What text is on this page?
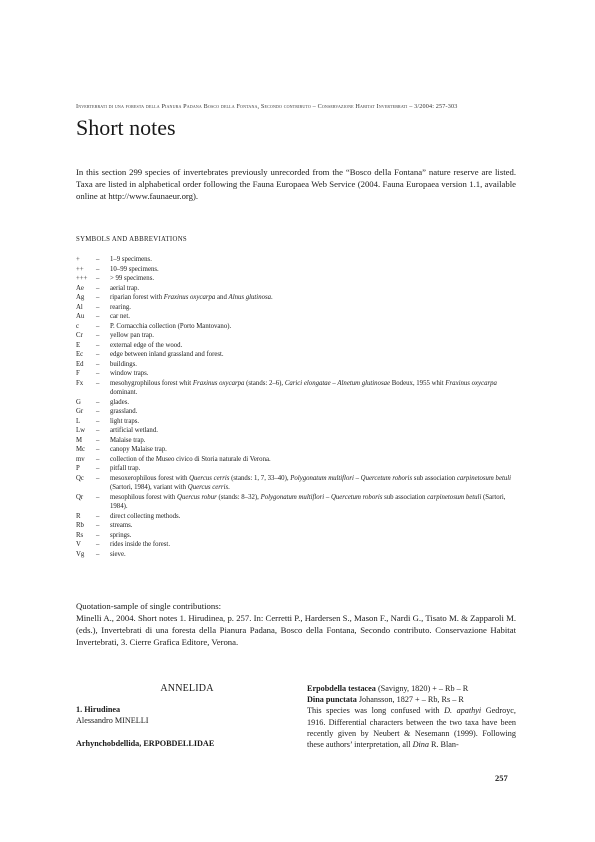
Invertebrati di una foresta della Pianura Padana Bosco della Fontana, Secondo contributo – Conservazione Habitat Invertebrati – 3/2004: 257-303
Short notes

In this section 299 species of invertebrates previously unrecorded from the “Bosco della Fontana” nature reserve are listed. Taxa are listed in alphabetical order following the Fauna Europaea Web Service (2004. Fauna Europaea version 1.1, available online at http://www.faunaeur.org).

SYMBOLS AND ABBREVIATIONS
+	–	1–9 specimens.
++	–	10–99 specimens.
+++	–	> 99 specimens.
Ae	–	aerial trap.
Ag	–	riparian forest with Fraxinus oxycarpa and Alnus glutinosa.
Al	–	rearing.
Au	–	car net.
c	–	P. Cornacchia collection (Porto Mantovano).
Cr	–	yellow pan trap.
E	–	external edge of the wood.
Ec	–	edge between inland grassland and forest.
Ed	–	buildings.
F	–	window traps.
Fx	–	mesohygrophilous forest whit Fraxinus oxycarpa (stands: 2–6), Carici elongatae – Alnetum glutinosae Bodeux, 1955 whit Fraxinus oxycarpa dominant.
G	–	glades.
Gr	–	grassland.
L	–	light traps.
Lw	–	artificial wetland.
M	–	Malaise trap.
Mc	–	canopy Malaise trap.
mv	–	collection of the Museo civico di Storia naturale di Verona.
P	–	pitfall trap.
Qc	–	mesoxerophilous forest with Quercus cerris (stands: 1, 7, 33–40), Polygonatum multiflori – Quercetum roboris sub association carpinetosum betuli (Sartori, 1984), variant with Quercus cerris.
Qr	–	mesophilous forest with Quercus robur (stands: 8–32), Polygonatum multiflori – Quercetum roboris sub association carpinetosum betuli (Sartori, 1984).
R	–	direct collecting methods.
Rb	–	streams.
Rs	–	springs.
V	–	rides inside the forest.
Vg	–	sieve.

Quotation-sample of single contributions:

Minelli A., 2004. Short notes 1. Hirudinea, p. 257. In: Cerretti P., Hardersen S., Mason F., Nardi G., Tisato M. & Zapparoli M. (eds.), Invertebrati di una foresta della Pianura Padana, Bosco della Fontana, Secondo contributo. Conservazione Habitat Invertebrati, 3. Cierre Grafica Editore, Verona.

ANNELIDA
1. Hirudinea
Alessandro MINELLI
Arhynchobdellida, ERPOBDELLIDAE
Erpobdella testacea (Savigny, 1820) + – Rb – R
Dina punctata Johansson, 1827 + – Rb, Rs – R
This species was long confused with D. apathyi Gedroyc, 1916. Differential characters between the two taxa have been recently given by Neubert & Nesemann (1999). Following these authors’ interpretation, all Dina R. Blan-
257
